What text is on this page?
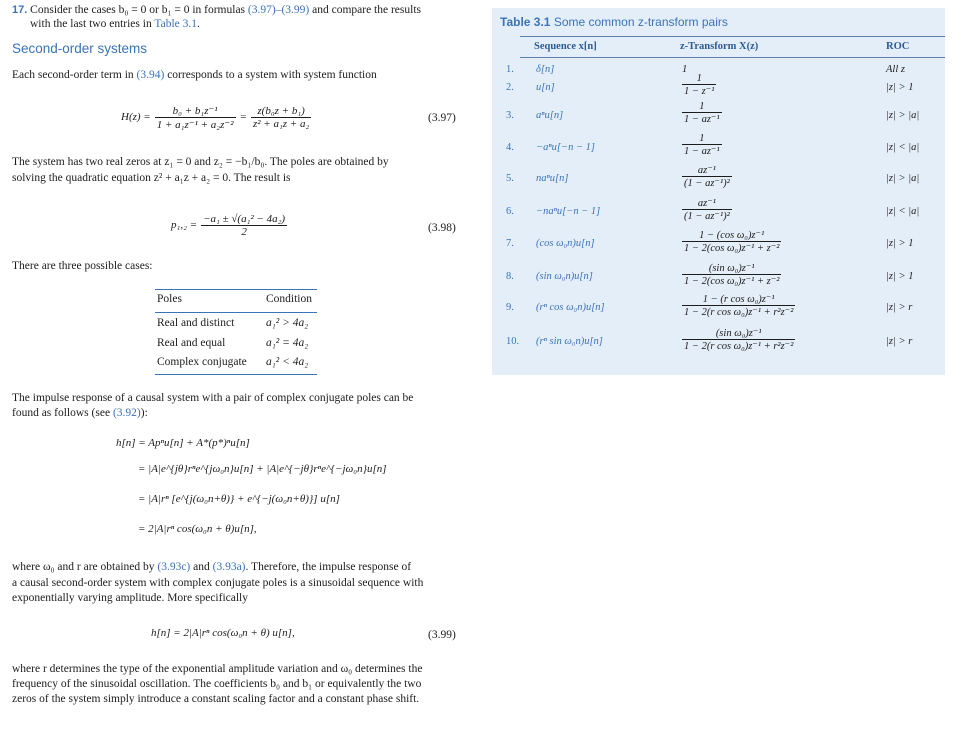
17. Consider the cases b₀ = 0 or b₁ = 0 in formulas (3.97)–(3.99) and compare the results
with the last two entries in Table 3.1.
Second-order systems
Each second-order term in (3.94) corresponds to a system with system function
$H(z) = \frac{\text{b₀ + b₁z⁻¹}}{\text{1 + a₁z⁻¹ + a₂z⁻²}} = \frac{\text{z(b₀z + b₁)}}{\text{z² + a₁z + a₂}}$	(3.97)
The system has two real zeros at z₁ = 0 and z₂ = −b₁/b₀. The poles are obtained by
solving the quadratic equation z² + a₁z + a₂ = 0. The result is
$p_1,_2 = \frac{\text{−a₁ ± √(a₁² − 4a₂)}}{2}$	(3.98)
There are three possible cases:
Poles	Condition
Real and distinct	a₁² > 4a₂
Real and equal	a₁² = 4a₂
Complex conjugate a₁² < 4a₂
The impulse response of a causal system with a pair of complex conjugate poles can be
found as follows (see (3.92)):
h[n] = Apⁿu[n] + A*(p*)ⁿu[n]
= |A|e^{jθ}rⁿe^{jω₀n}u[n] + |A|e^{−jθ}rⁿe^{−jω₀n}u[n]
= |A|rⁿ [e^{j(ω₀n+θ)} + e^{−j(ω₀n+θ)}] u[n]
= 2|A|rⁿ cos(ω₀n + θ)u[n],
where ω₀ and r are obtained by (3.93c) and (3.93a). Therefore, the impulse response of
a causal second-order system with complex conjugate poles is a sinusoidal sequence with
exponentially varying amplitude. More specifically
h[n] = 2|A|rⁿ cos(ω₀n + θ) u[n],	(3.99)
where r determines the type of the exponential amplitude variation and ω₀ determines the
frequency of the sinusoidal oscillation. The coefficients b₀ and b₁ or equivalently the two
zeros of the system simply introduce a constant scaling factor and a constant phase shift.
Table 3.1 Some common z-transform pairs
Sequence x[n]	z-Transform X(z)	ROC
1. δ[n]	1	All z
2. u[n]	$\frac{1}{\text{1 − z⁻¹}}$	|z| > 1
3. aⁿu[n]	$\frac{1}{\text{1 − az⁻¹}}$	|z| > |a|
4. −aⁿu[−n − 1]	$\frac{1}{\text{1 − az⁻¹}}$	|z| < |a|
5. naⁿu[n]	$\frac{\text{az⁻¹}}{\text{(1 − az⁻¹)²}}$	|z| > |a|
6. −naⁿu[−n − 1]	$\frac{\text{az⁻¹}}{\text{(1 − az⁻¹)²}}$	|z| < |a|
7. (cos ω₀n)u[n]	$\frac{\text{1 − (cos ω₀)z⁻¹}}{\text{1 − 2(cos ω₀)z⁻¹ + z⁻²}}$	|z| > 1
8. (sin ω₀n)u[n]	$\frac{\text{(sin ω₀)z⁻¹}}{\text{1 − 2(cos ω₀)z⁻¹ + z⁻²}}$	|z| > 1
9. (rⁿ cos ω₀n)u[n]	$\frac{\text{1 − (r cos ω₀)z⁻¹}}{\text{1 − 2(r cos ω₀)z⁻¹ + r²z⁻²}}$	|z| > r
10. (rⁿ sin ω₀n)u[n]	$\frac{\text{(sin ω₀)z⁻¹}}{\text{1 − 2(r cos ω₀)z⁻¹ + r²z⁻²}}$	|z| > r
